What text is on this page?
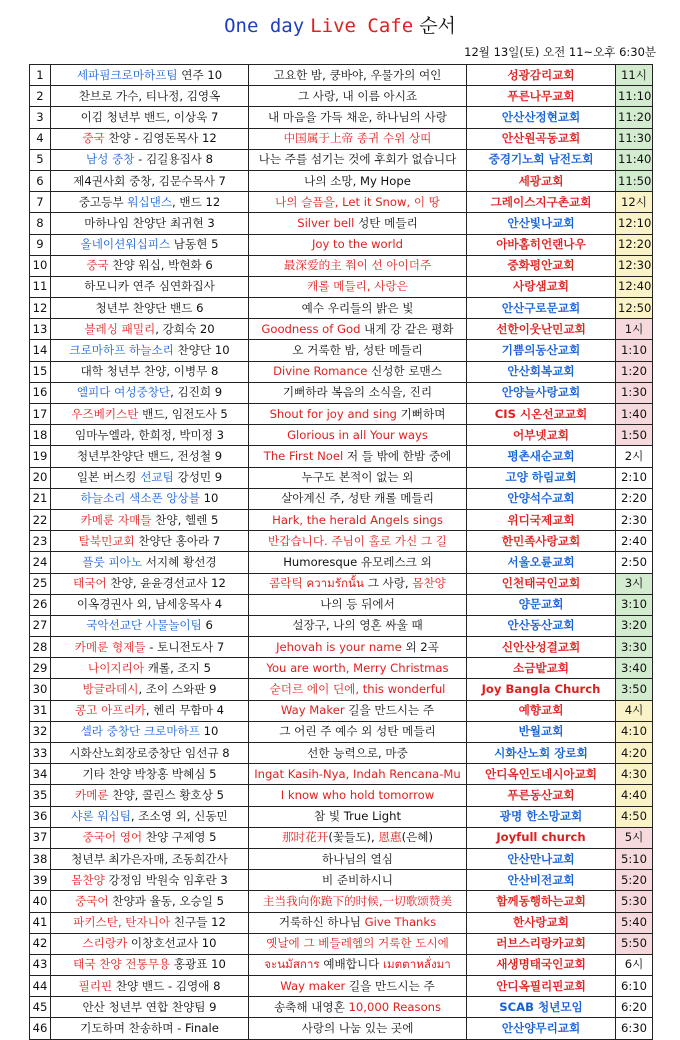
One day Live Cafe 순서
12월 13일(토) 오전 11~오후 6:30분
1	세파핌크로마하프팀 연주 10	고요한 밤, 쿵바야, 우물가의 여인	성광감리교회	11시
2	찬브로 가수, 티나정, 김영옥	그 사랑, 내 이름 아시죠	푸른나무교회	11:10
3	이김 청년부 밴드, 이상욱 7	내 마음을 가득 채운, 하나님의 사랑	안산산정현교회	11:20
4	중국 찬양 - 김영돈목사 12	中国属于上帝 종귀 수위 상띠	안산원곡동교회	11:30
5	남성 중창 - 김길용집사 8	나는 주를 섬기는 것에 후회가 없습니다	중경기노회 남전도회	11:40
6	제4권사회 중창, 김문수목사 7	나의 소망, My Hope	세광교회	11:50
7	중고등부 워십댄스, 밴드 12	나의 슬픔을, Let it Snow, 이 땅	그레이스지구촌교회	12시
8	마하나임 찬양단 최귀현 3	Silver bell 성탄 메들리	안산빛나교회	12:10
9	올네이션워십피스 남동현 5	Joy to the world	아바홈히언랜나우	12:20
10	중국 찬양 워십, 박현화 6	最深爱的主 쭤이 선 아이더주	중화평안교회	12:30
11	하모니카 연주 심연화집사	캐롤 메들리, 사랑은	사랑샘교회	12:40
12	청년부 찬양단 밴드 6	예수 우리들의 밝은 빛	안산구로문교회	12:50
13	블레싱 패밀리, 강희숙 20	Goodness of God 내게 강 같은 평화	선한이웃난민교회	1시
14	크로마하프 하늘소리 찬양단 10	오 거룩한 밤, 성탄 메들리	기쁨의동산교회	1:10
15	대학 청년부 찬양, 이병무 8	Divine Romance 신성한 로맨스	안산회복교회	1:20
16	엘피다 여성중창단, 김진희 9	기뻐하라 복음의 소식을, 진리	안양늘사랑교회	1:30
17	우즈베키스탄 밴드, 임전도사 5	Shout for joy and sing 기뻐하며	CIS 시온선교교회	1:40
18	임마누엘라, 한희정, 박미정 3	Glorious in all Your ways	어부넷교회	1:50
19	청년부찬양단 밴드, 전성철 9	The First Noel 저 들 밖에 한밤 중에	평촌새순교회	2시
20	일본 버스킹 선교팀 강성민 9	누구도 본적이 없는 외	고양 하림교회	2:10
21	하늘소리 색소폰 앙상블 10	살아계신 주, 성탄 캐롤 메들리	안양석수교회	2:20
22	카메룬 자매들 찬양, 헬렌 5	Hark, the herald Angels sings	위디국제교회	2:30
23	탈북민교회 찬양단 홍아라 7	반갑습니다. 주님이 홀로 가신 그 길	한민족사랑교회	2:40
24	플룻 피아노 서지혜 황선경	Humoresque 유모레스크 외	서울오륜교회	2:50
25	태국어 찬양, 윤윤경선교사 12	콤락틱 ความรักนั้น 그 사랑, 몸찬양	인천태국인교회	3시
26	이옥경권사 외, 남세웅목사 4	나의 등 뒤에서	양문교회	3:10
27	국악선교단 사물놀이팀 6	설장구, 나의 영혼 싸울 때	안산동산교회	3:20
28	카메룬 형제들 - 토니전도사 7	Jehovah is your name 외 2곡	신안산성결교회	3:30
29	나이지리아 캐롤, 조지 5	You are worth, Merry Christmas	소금밭교회	3:40
30	방글라데시, 조이 스와판 9	숟더르 에이 딘에, this wonderful	Joy Bangla Church	3:50
31	콩고 아프리카, 헨리 무함마 4	Way Maker 길을 만드시는 주	예향교회	4시
32	셀라 중창단 크로마하프 10	그 어린 주 예수 외 성탄 메들리	반월교회	4:10
33	시화산노회장로중창단 임선규 8	선한 능력으로, 마중	시화산노회 장로회	4:20
34	기타 찬양 박창홍 박혜심 5	Ingat Kasih-Nya, Indah Rencana-Mu	안디옥인도네시아교회	4:30
35	카메룬 찬양, 콜린스 황호상 5	I know who hold tomorrow	푸른동산교회	4:40
36	샤론 워십팀, 조소영 외, 신동민	참 빛 True Light	광명 한소망교회	4:50
37	중국어 영어 찬양 구제영 5	那时花开(꽃들도), 恩惠(은혜)	Joyfull church	5시
38	청년부 최가은자매, 조동희간사	하나님의 열심	안산만나교회	5:10
39	몸찬양 강정임 박원숙 임후란 3	비 준비하시니	안산비전교회	5:20
40	중국어 찬양과 율동, 오승일 5	主当我向你跪下的时候,一切歌颂赞美	함께동행하는교회	5:30
41	파키스탄, 탄자니아 친구들 12	거룩하신 하나님 Give Thanks	한사랑교회	5:40
42	스리랑카 이창호선교사 10	옛날에 그 베들레헴의 거룩한 도시에	러브스리랑카교회	5:50
43	태국 찬양 전통무용 홍광표 10	จะนมัสการ 예배합니다 เมตตาหลั่งมา	새생명태국인교회	6시
44	필리핀 찬양 밴드 - 김영애 8	Way maker 길을 만드시는 주	안디옥필리핀교회	6:10
45	안산 청년부 연합 찬양팀 9	송축해 내영혼 10,000 Reasons	SCAB 청년모임	6:20
46	기도하며 찬송하며 - Finale	사랑의 나눔 있는 곳에	안산양무리교회	6:30
